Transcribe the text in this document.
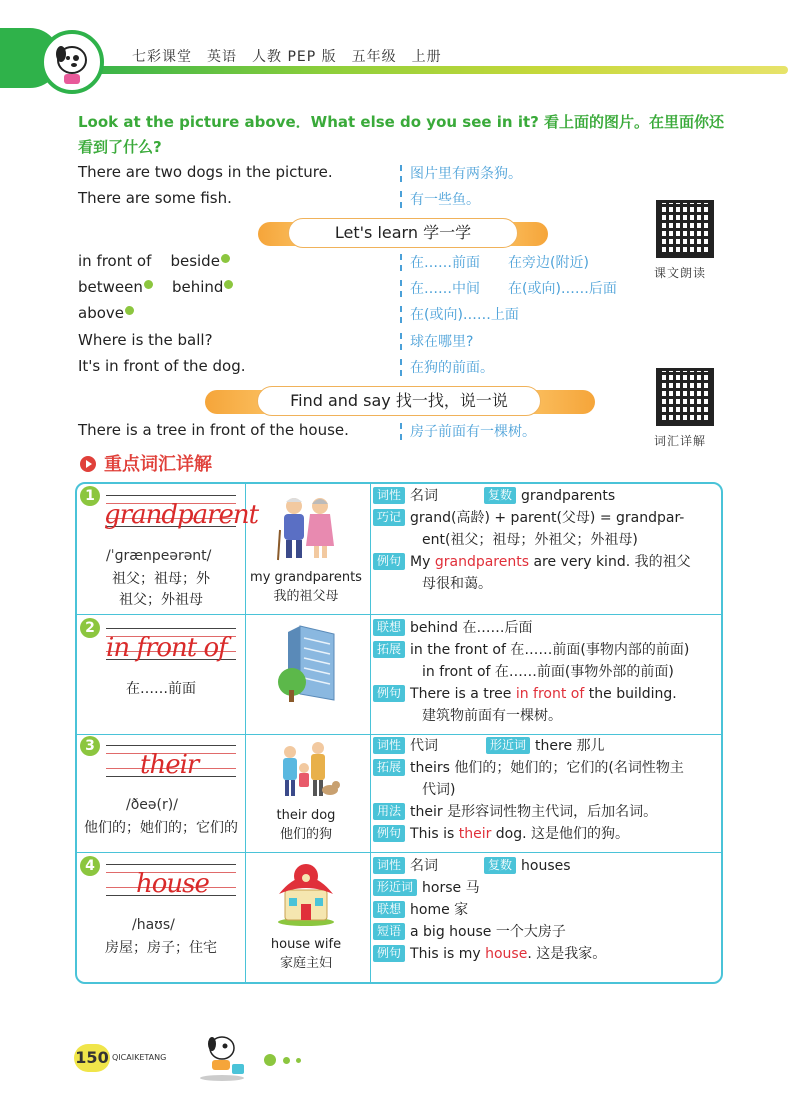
七彩课堂　英语　人教 PEP 版　五年级　上册
Look at the picture above．What else do you see in it? 看上面的图片。在里面你还看到了什么?
There are two dogs in the picture.	图片里有两条狗。
There are some fish.	有一些鱼。
Let's learn 学一学
课文朗读
in front of beside	在……前面　　在旁边(附近)
between behind	在……中间　　在(或向)……后面
above	在(或向)……上面
Where is the ball?	球在哪里?
It's in front of the dog.	在狗的前面。
Find and say 找一找，说一说
词汇详解
There is a tree in front of the house.	房子前面有一棵树。
重点词汇详解
1
grandparent
/ˈɡrænpeərənt/
祖父；祖母；外
祖父；外祖母
my grandparents
我的祖父母
词性 名词	复数 grandparents
巧记 grand(高龄) + parent(父母) = grandpar-
ent(祖父；祖母；外祖父；外祖母)
例句 My grandparents are very kind. 我的祖父
母很和蔼。
2
in front of
在……前面
联想 behind 在……后面
拓展 in the front of 在……前面(事物内部的前面)
in front of 在……前面(事物外部的前面)
例句 There is a tree in front of the building.
建筑物前面有一棵树。
3
their
/ðeə(r)/
他们的；她们的；它们的
their dog
他们的狗
词性 代词	形近词 there 那儿
拓展 theirs 他们的；她们的；它们的(名词性物主
代词)
用法 their 是形容词性物主代词，后加名词。
例句 This is their dog. 这是他们的狗。
4
house
/haʊs/
房屋；房子；住宅	house wife
家庭主妇
词性 名词	复数 houses
形近词 horse 马
联想 home 家
短语 a big house 一个大房子
例句 This is my house. 这是我家。
150 QICAIKETANG
